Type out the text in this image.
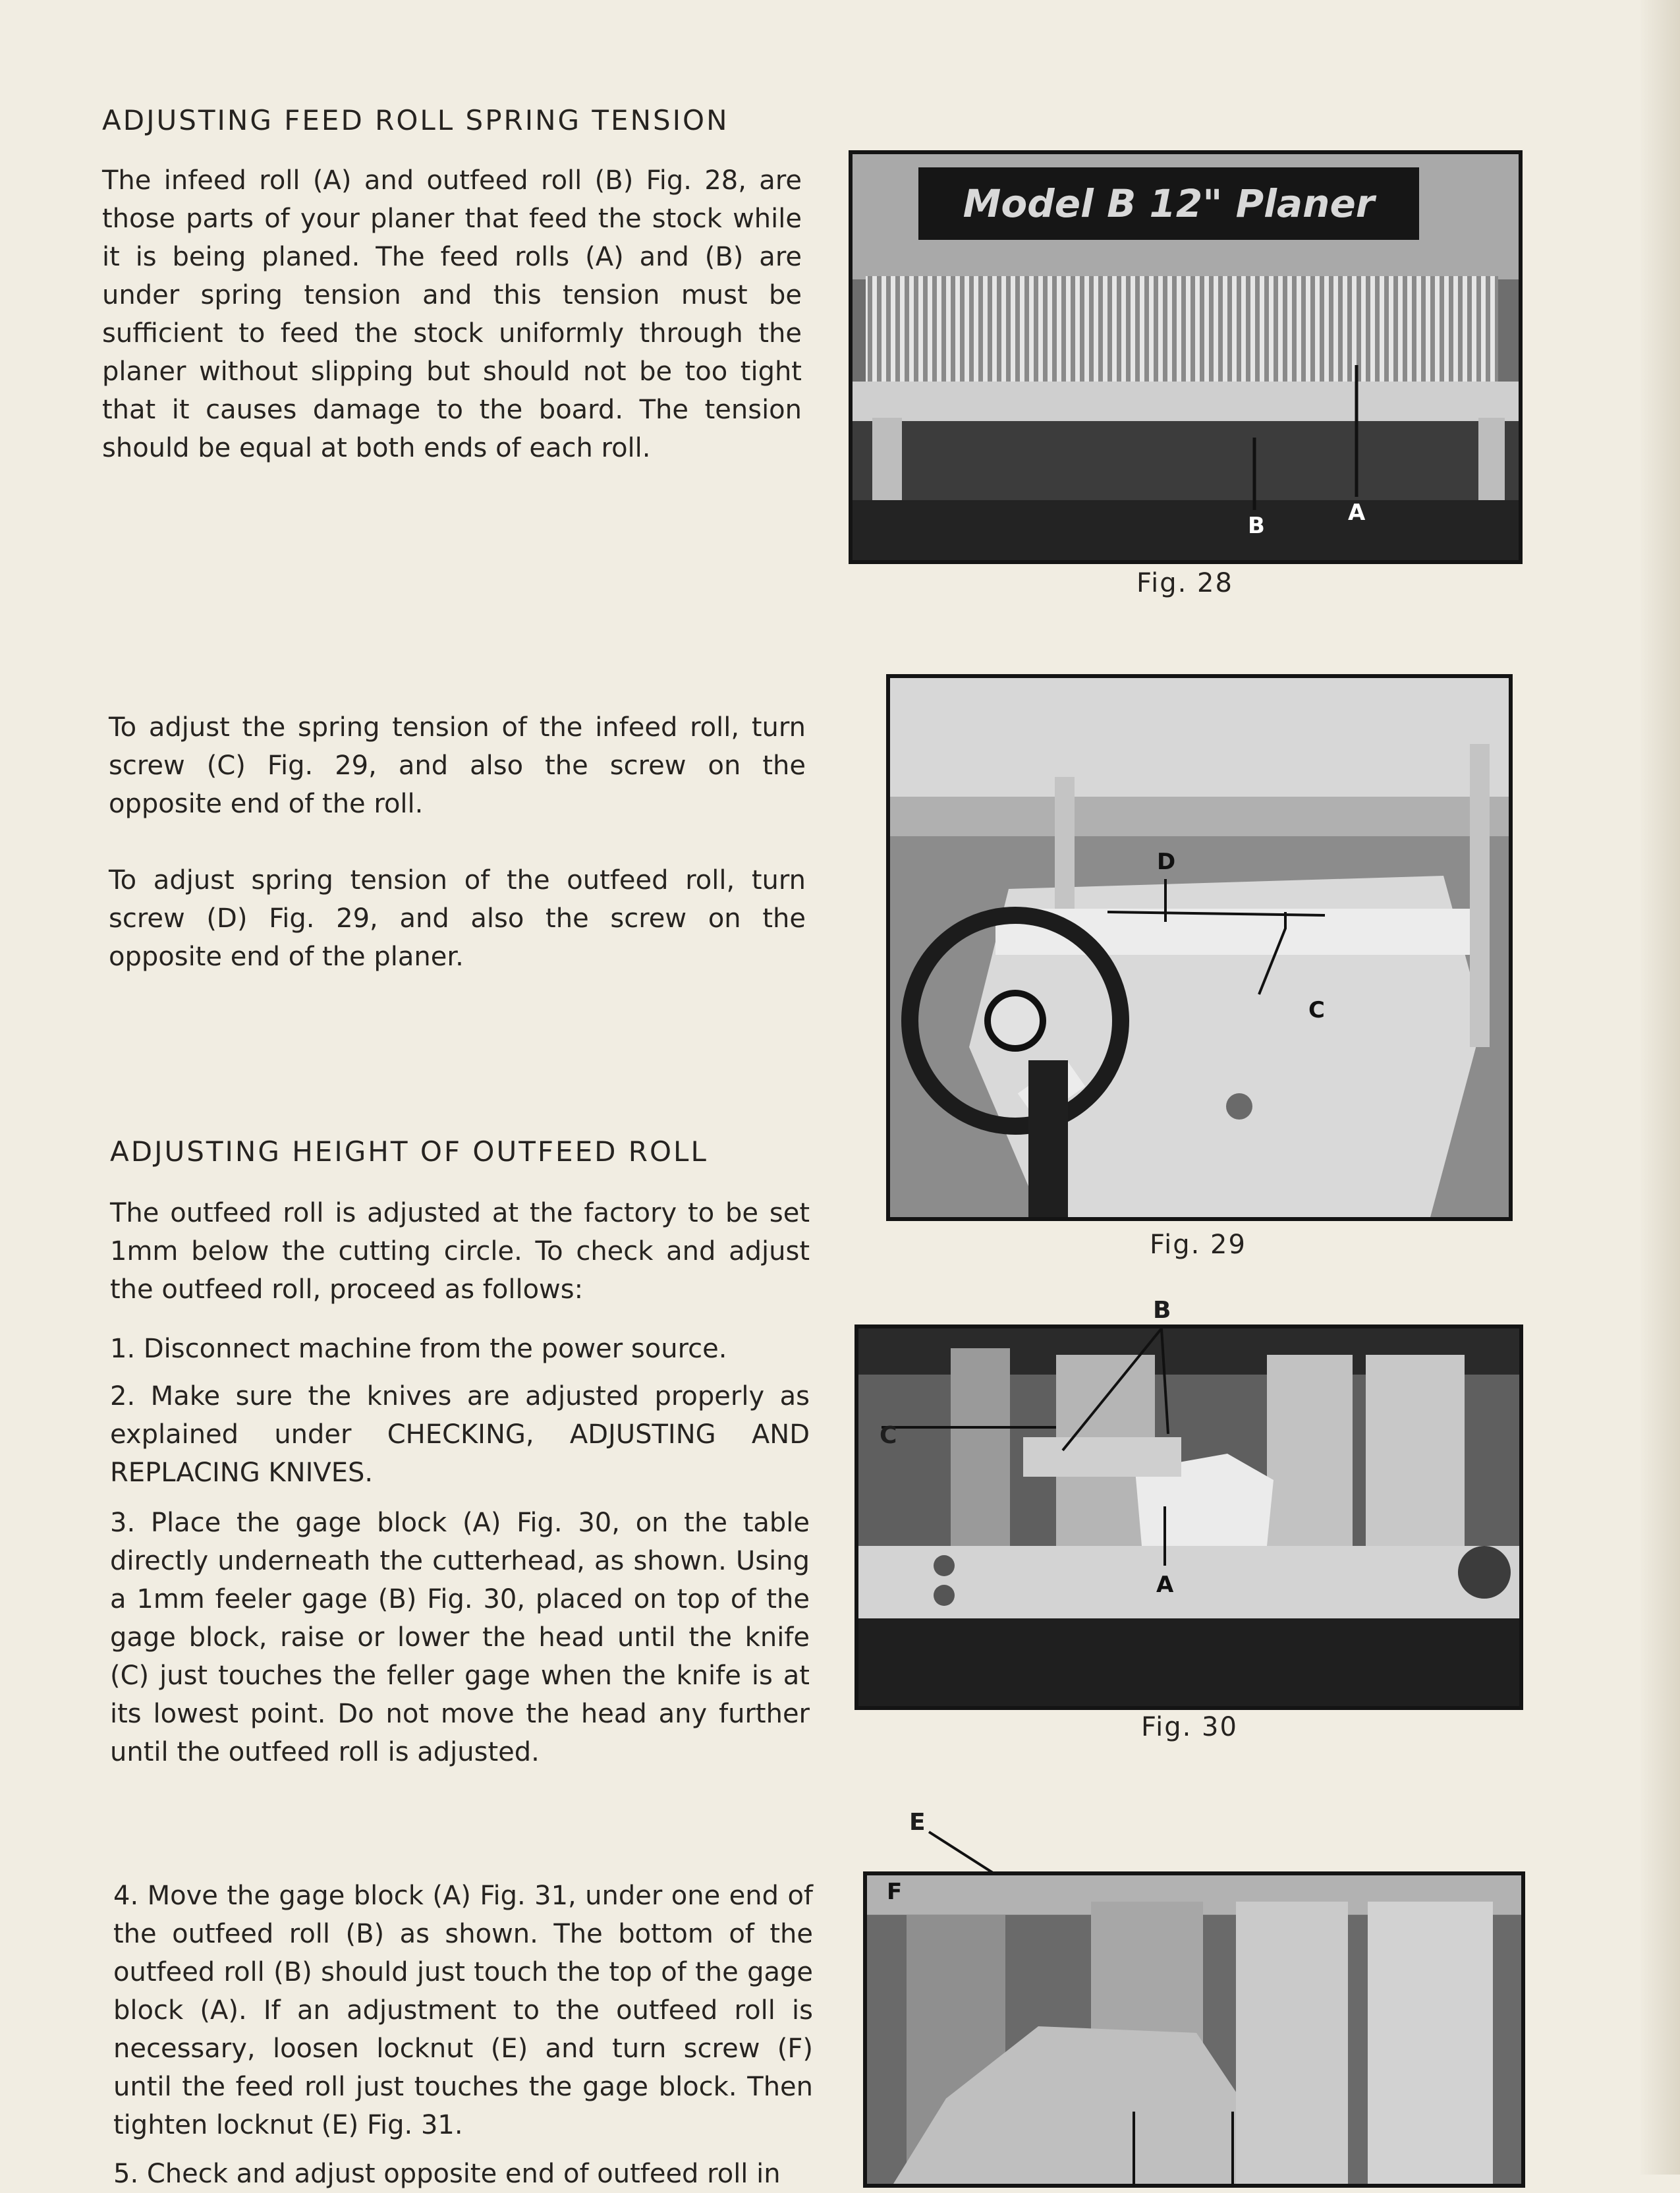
ADJUSTING FEED ROLL SPRING TENSION

The infeed roll (A) and outfeed roll (B) Fig. 28, are those parts of your planer that feed the stock while it is being planed. The feed rolls (A) and (B) are under spring tension and this tension must be sufficient to feed the stock uniformly through the planer without slipping but should not be too tight that it causes damage to the board. The tension should be equal at both ends of each roll.

Model B 12" Planer
B	A
Fig. 28

To adjust the spring tension of the infeed roll, turn screw (C) Fig. 29, and also the screw on the opposite end of the roll.

To adjust spring tension of the outfeed roll, turn screw (D) Fig. 29, and also the screw on the opposite end of the planer.

D
C
Fig. 29
ADJUSTING HEIGHT OF OUTFEED ROLL

The outfeed roll is adjusted at the factory to be set 1mm below the cutting circle. To check and adjust the outfeed roll, proceed as follows:

1. Disconnect machine from the power source.

2. Make sure the knives are adjusted properly as explained under CHECKING, ADJUSTING AND REPLACING KNIVES.

3. Place the gage block (A) Fig. 30, on the table directly underneath the cutterhead, as shown. Using a 1mm feeler gage (B) Fig. 30, placed on top of the gage block, raise or lower the head until the knife (C) just touches the feller gage when the knife is at its lowest point. Do not move the head any further until the outfeed roll is adjusted.

4. Move the gage block (A) Fig. 31, under one end of the outfeed roll (B) as shown. The bottom of the outfeed roll (B) should just touch the top of the gage block (A). If an adjustment to the outfeed roll is necessary, loosen locknut (E) and turn screw (F) until the feed roll just touches the gage block. Then tighten locknut (E) Fig. 31.

5. Check and adjust opposite end of outfeed roll in

B
A
C
Fig. 30
E
F
